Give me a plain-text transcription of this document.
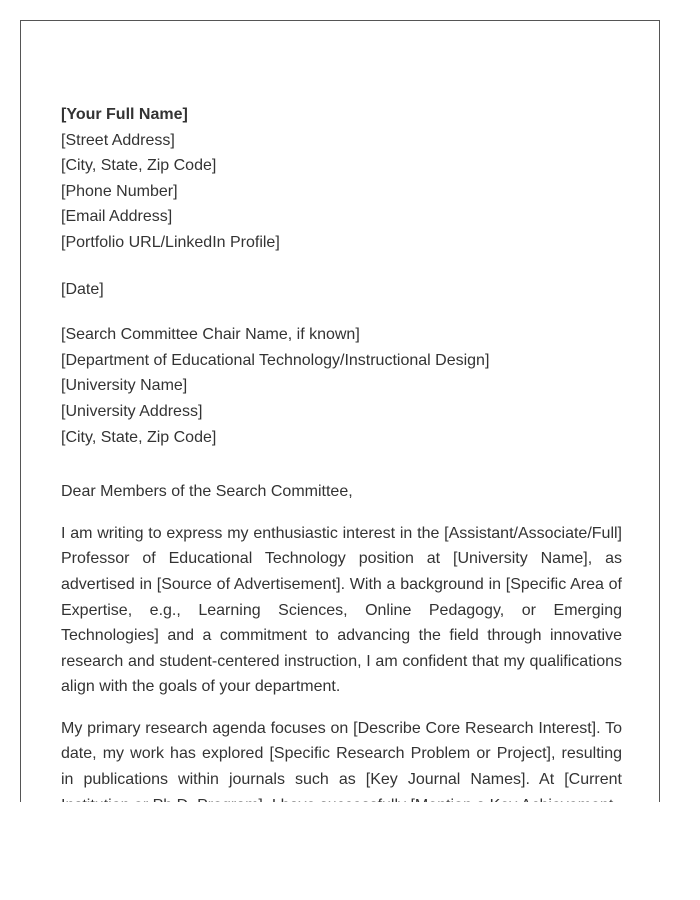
[Your Full Name]
[Street Address]
[City, State, Zip Code]
[Phone Number]
[Email Address]
[Portfolio URL/LinkedIn Profile]
[Date]
[Search Committee Chair Name, if known]
[Department of Educational Technology/Instructional Design]
[University Name]
[University Address]
[City, State, Zip Code]
Dear Members of the Search Committee,

I am writing to express my enthusiastic interest in the [Assistant/Associate/Full] Professor of Educational Technology position at [University Name], as advertised in [Source of Advertisement]. With a background in [Specific Area of Expertise, e.g., Learning Sciences, Online Pedagogy, or Emerging Technologies] and a commitment to advancing the field through innovative research and student-centered instruction, I am confident that my qualifications align with the goals of your department.

My primary research agenda focuses on [Describe Core Research Interest]. To date, my work has explored [Specific Research Problem or Project], resulting in publications within journals such as [Key Journal Names]. At [Current
